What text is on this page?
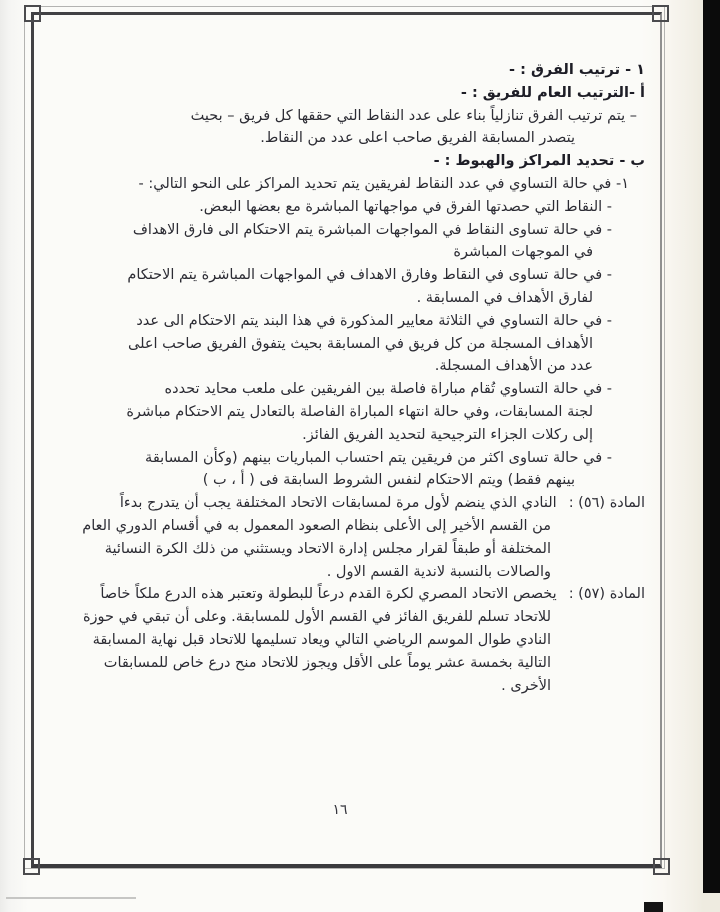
١ - ترتيب الفرق : -
أ -الترتيب العام للفريق : -
– يتم ترتيب الفرق تنازلياً بناء على عدد النقاط التي حققها كل فريق – بحيث
يتصدر المسابقة الفريق صاحب اعلى عدد من النقاط.
ب - تحديد المراكز والهبوط : -
١- في حالة التساوي في عدد النقاط لفريقين يتم تحديد المراكز على النحو التالي: -
- النقاط التي حصدتها الفرق في مواجهاتها المباشرة مع بعضها البعض.
- في حالة تساوى النقاط في المواجهات المباشرة يتم الاحتكام الى فارق الاهداف
في الموجهات المباشرة
- في حالة تساوى في النقاط وفارق الاهداف في المواجهات المباشرة يتم الاحتكام
لفارق الأهداف في المسابقة .
- في حالة التساوي في الثلاثة معايير المذكورة في هذا البند يتم الاحتكام الى عدد
الأهداف المسجلة من كل فريق في المسابقة بحيث يتفوق الفريق صاحب اعلى
عدد من الأهداف المسجلة.
- في حالة التساوي تُقام مباراة فاصلة بين الفريقين على ملعب محايد تحدده
لجنة المسابقات، وفي حالة انتهاء المباراة الفاصلة بالتعادل يتم الاحتكام مباشرة
إلى ركلات الجزاء الترجيحية لتحديد الفريق الفائز.
- في حالة تساوى اكثر من فريقين يتم احتساب المباريات بينهم (وكأن المسابقة
بينهم فقط) ويتم الاحتكام لنفس الشروط السابقة فى ( أ ، ب )
المادة (٥٦) :
النادي الذي ينضم لأول مرة لمسابقات الاتحاد المختلفة يجب أن يتدرج بدءاً
من القسم الأخير إلى الأعلى بنظام الصعود المعمول به في أقسام الدوري العام
المختلفة أو طبقاً لقرار مجلس إدارة الاتحاد ويستثني من ذلك الكرة النسائية
والصالات بالنسبة لاندية القسم الاول .
المادة (٥٧) :
يخصص الاتحاد المصري لكرة القدم درعاً للبطولة وتعتبر هذه الدرع ملكاً خاصاً
للاتحاد تسلم للفريق الفائز في القسم الأول للمسابقة. وعلى أن تبقي في حوزة
النادي طوال الموسم الرياضي التالي ويعاد تسليمها للاتحاد قبل نهاية المسابقة
التالية بخمسة عشر يوماً على الأقل ويجوز للاتحاد منح درع خاص للمسابقات
الأخرى .
١٦
